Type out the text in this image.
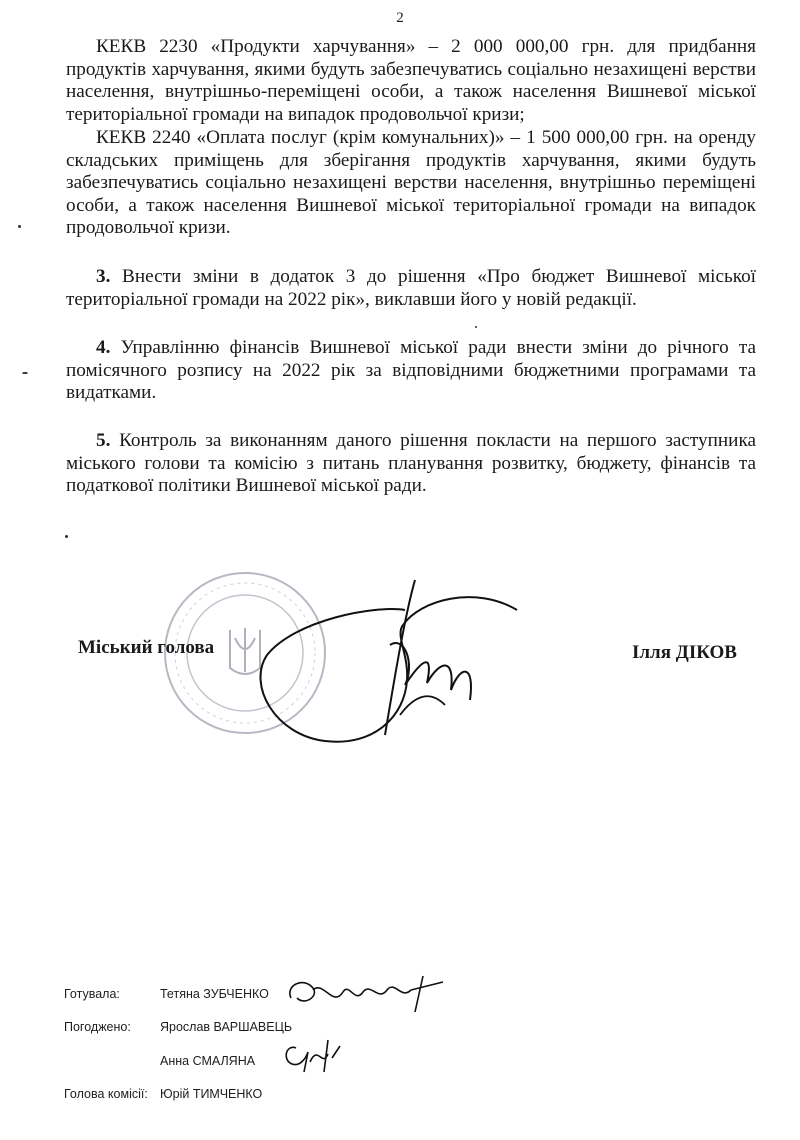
2

КЕКВ 2230 «Продукти харчування» – 2 000 000,00 грн. для придбання продуктів харчування, якими будуть забезпечуватись соціально незахищені верстви населення, внутрішньо-переміщені особи, а також населення Вишневої міської територіальної громади на випадок продовольчої кризи;

КЕКВ 2240 «Оплата послуг (крім комунальних)» – 1 500 000,00 грн. на оренду складських приміщень для зберігання продуктів харчування, якими будуть забезпечуватись соціально незахищені верстви населення, внутрішньо переміщені особи, а також населення Вишневої міської територіальної громади на випадок продовольчої кризи.

3. Внести зміни в додаток 3 до рішення «Про бюджет Вишневої міської територіальної громади на 2022 рік», виклавши його у новій редакції.

4. Управлінню фінансів Вишневої міської ради внести зміни до річного та помісячного розпису на 2022 рік за відповідними бюджетними програмами та видатками.

5. Контроль за виконанням даного рішення покласти на першого заступника міського голови та комісію з питань планування розвитку, бюджету, фінансів та податкової політики Вишневої міської ради.

Міський голова	Ілля ДІКОВ
Готувала:	Тетяна ЗУБЧЕНКО
Погоджено: Ярослав ВАРШАВЕЦЬ
Анна СМАЛЯНА
Голова комісії: Юрій ТИМЧЕНКО
